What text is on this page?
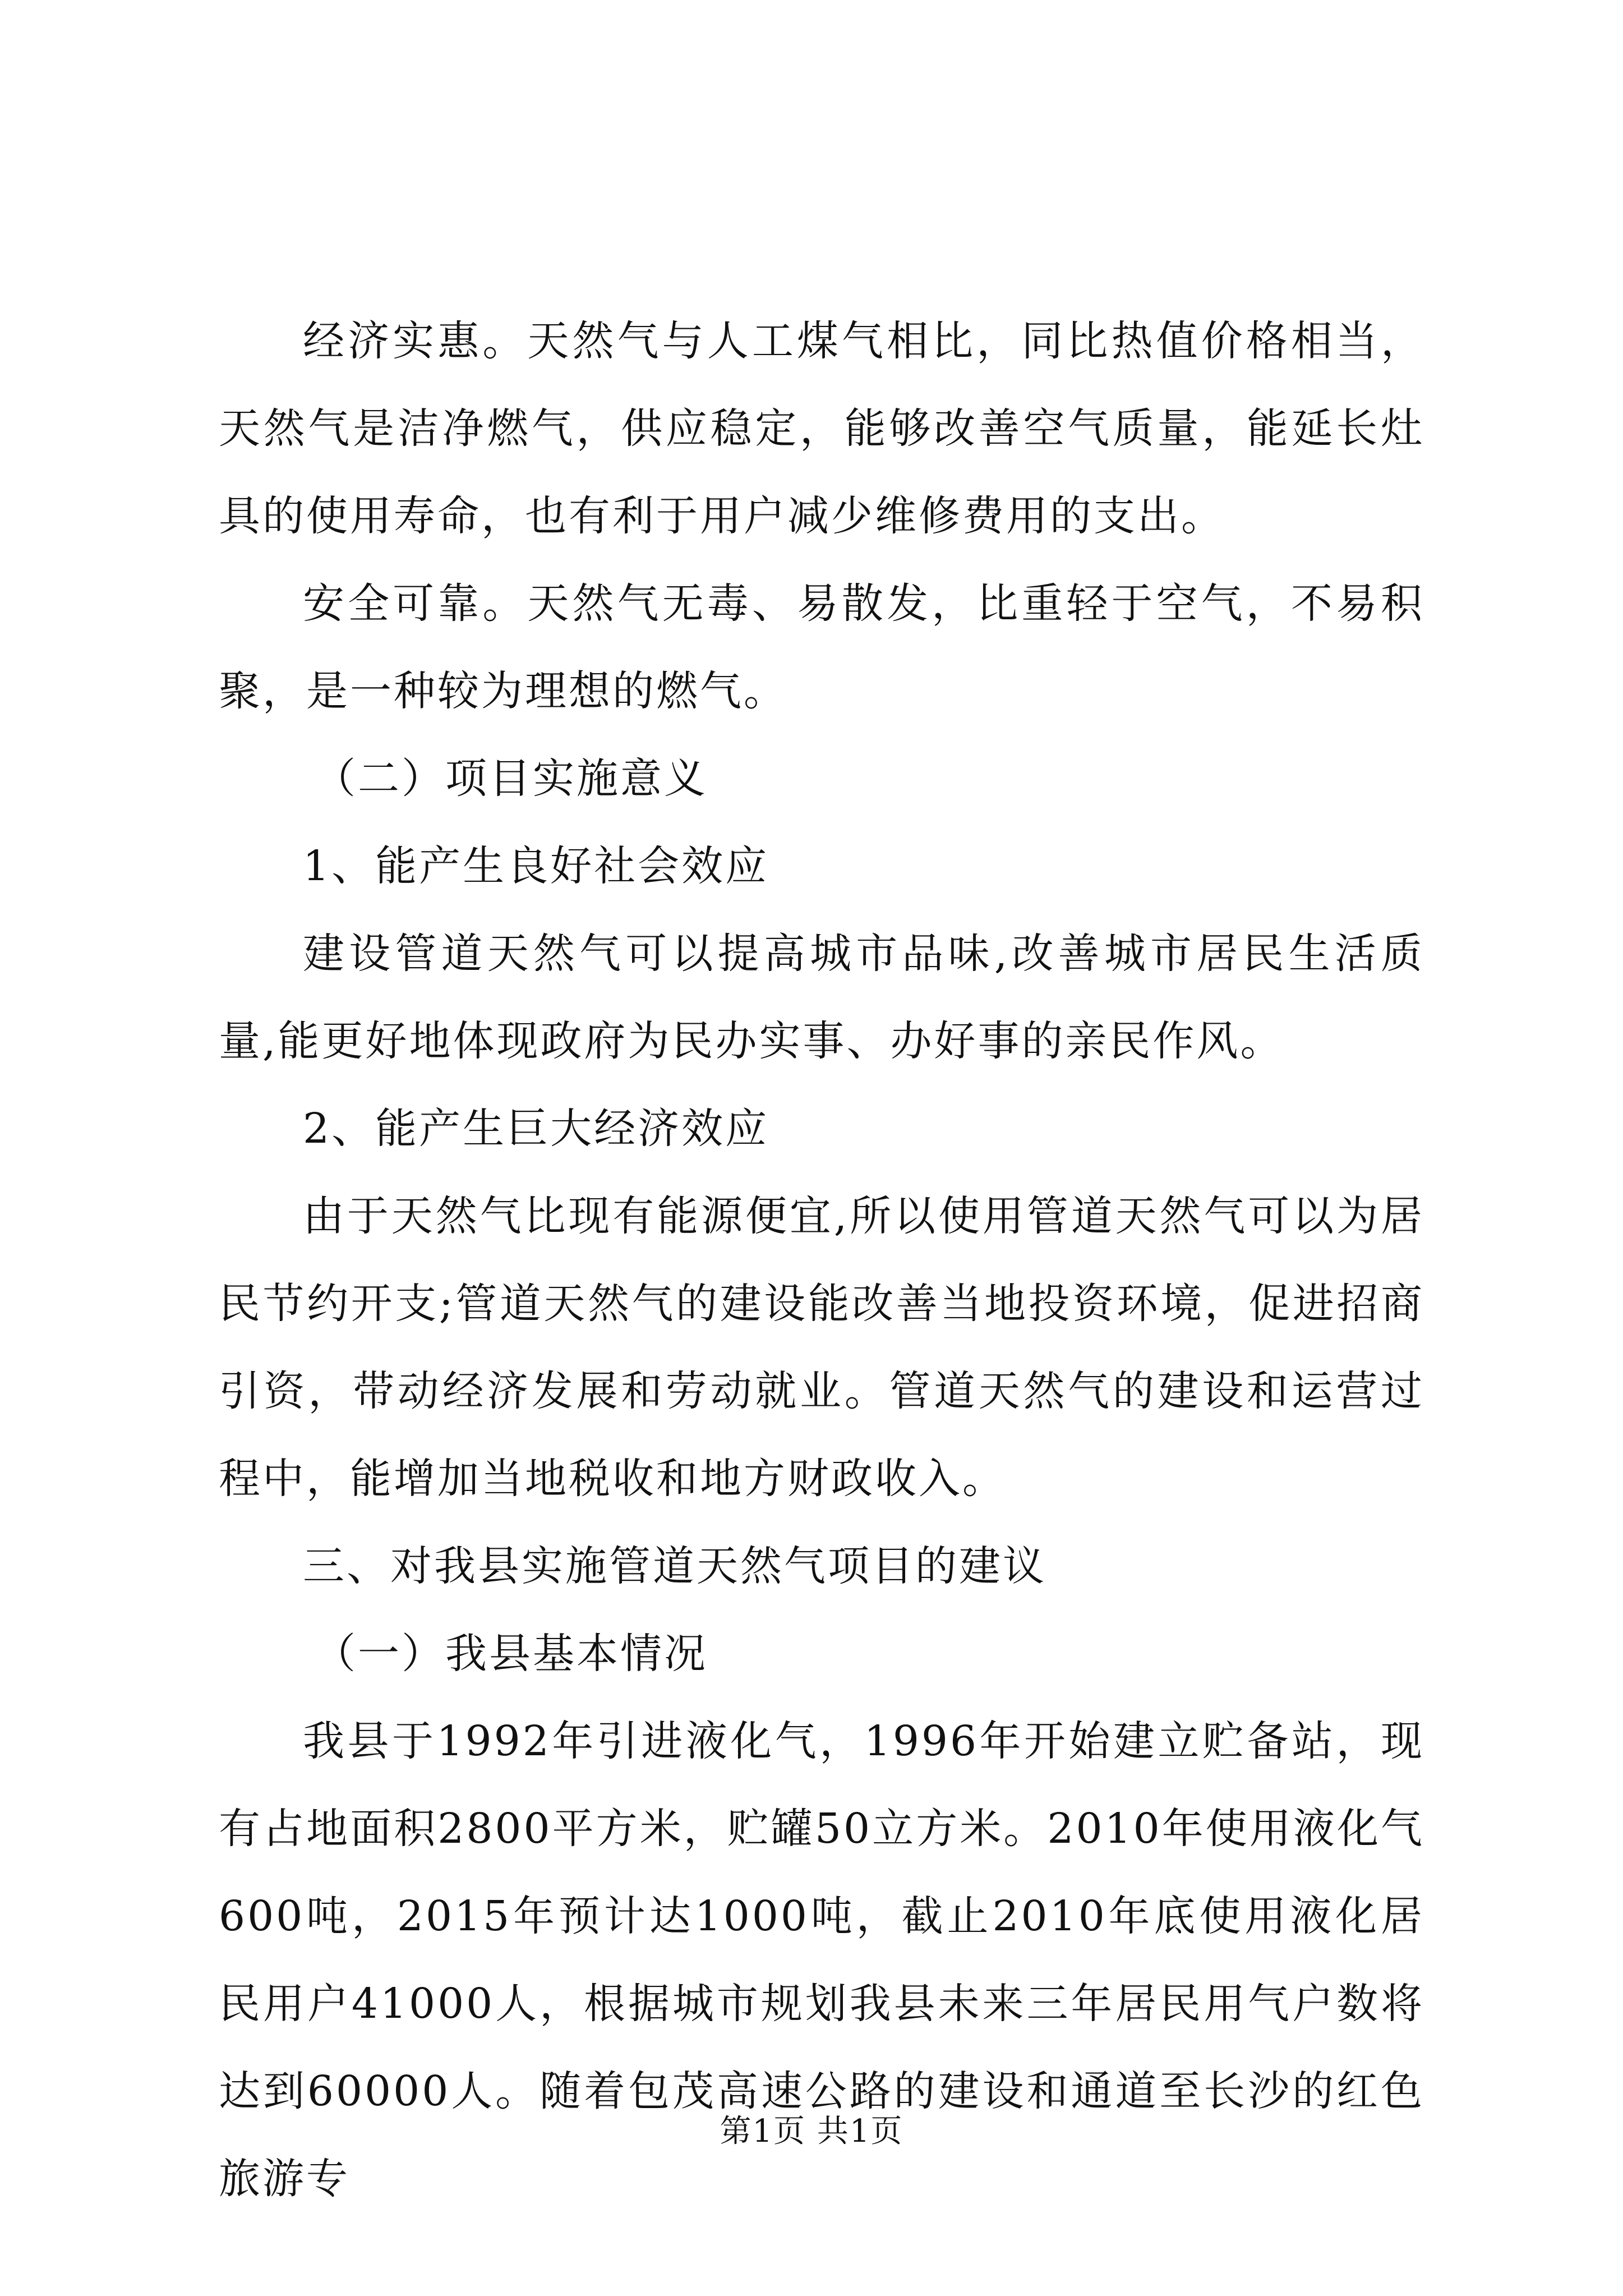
经济实惠。天然气与人工煤气相比，同比热值价格相当，天然气是洁净燃气，供应稳定，能够改善空气质量，能延长灶具的使用寿命，也有利于用户减少维修费用的支出。

安全可靠。天然气无毒、易散发，比重轻于空气，不易积聚，是一种较为理想的燃气。

（二）项目实施意义

1、能产生良好社会效应

建设管道天然气可以提高城市品味,改善城市居民生活质量,能更好地体现政府为民办实事、办好事的亲民作风。

2、能产生巨大经济效应

由于天然气比现有能源便宜,所以使用管道天然气可以为居民节约开支;管道天然气的建设能改善当地投资环境，促进招商引资，带动经济发展和劳动就业。管道天然气的建设和运营过程中，能增加当地税收和地方财政收入。

三、对我县实施管道天然气项目的建议

（一）我县基本情况

我县于1992年引进液化气，1996年开始建立贮备站，现有占地面积2800平方米，贮罐50立方米。2010年使用液化气600吨，2015年预计达1000吨，截止2010年底使用液化居民用户41000人，根据城市规划我县未来三年居民用气户数将达到60000人。随着包茂高速公路的建设和通道至长沙的红色旅游专

第1页 共1页
